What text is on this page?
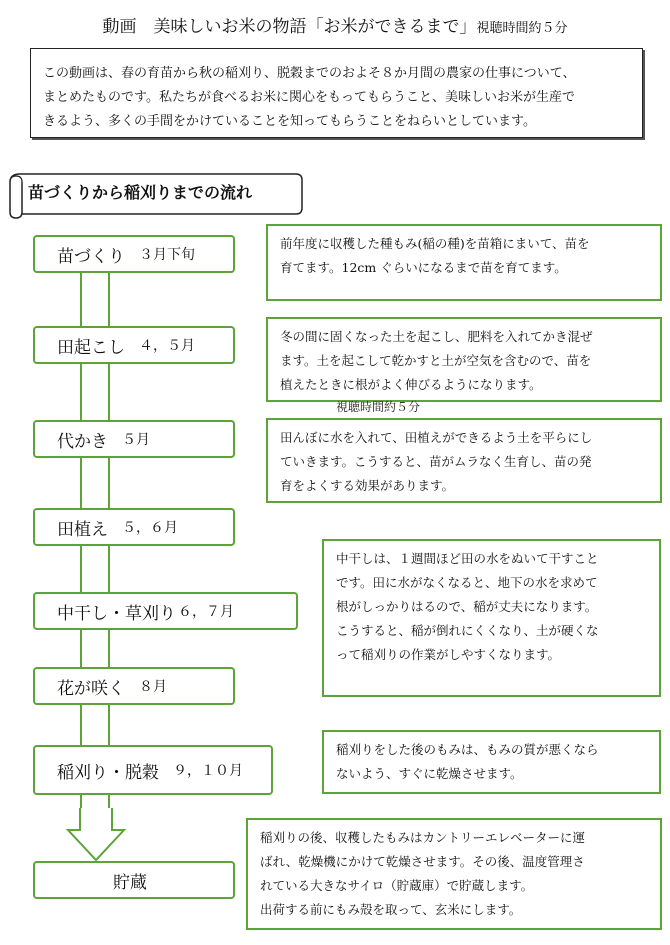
動画　美味しいお米の物語「お米ができるまで」視聴時間約５分
この動画は、春の育苗から秋の稲刈り、脱穀までのおよそ８か月間の農家の仕事について、
まとめたものです。私たちが食べるお米に関心をもってもらうこと、美味しいお米が生産で
きるよう、多くの手間をかけていることを知ってもらうことをねらいとしています。
苗づくりから稲刈りまでの流れ
苗づくり ３月下旬
田起こし ４，５月
代かき ５月
田植え ５，６月
中干し・草刈り ６，７月
花が咲く ８月
稲刈り・脱穀 ９，１０月
貯蔵
前年度に収穫した種もみ(稲の種)を苗箱にまいて、苗を
育てます。12cm ぐらいになるまで苗を育てます。
冬の間に固くなった土を起こし、肥料を入れてかき混ぜ
ます。土を起こして乾かすと土が空気を含むので、苗を
植えたときに根がよく伸びるようになります。
視聴時間約５分
田んぼに水を入れて、田植えができるよう土を平らにし
ていきます。こうすると、苗がムラなく生育し、苗の発
育をよくする効果があります。
中干しは、１週間ほど田の水をぬいて干すこと
です。田に水がなくなると、地下の水を求めて
根がしっかりはるので、稲が丈夫になります。
こうすると、稲が倒れにくくなり、土が硬くな
って稲刈りの作業がしやすくなります。
稲刈りをした後のもみは、もみの質が悪くなら
ないよう、すぐに乾燥させます。
稲刈りの後、収穫したもみはカントリーエレベーターに運
ばれ、乾燥機にかけて乾燥させます。その後、温度管理さ
れている大きなサイロ（貯蔵庫）で貯蔵します。
出荷する前にもみ殻を取って、玄米にします。
